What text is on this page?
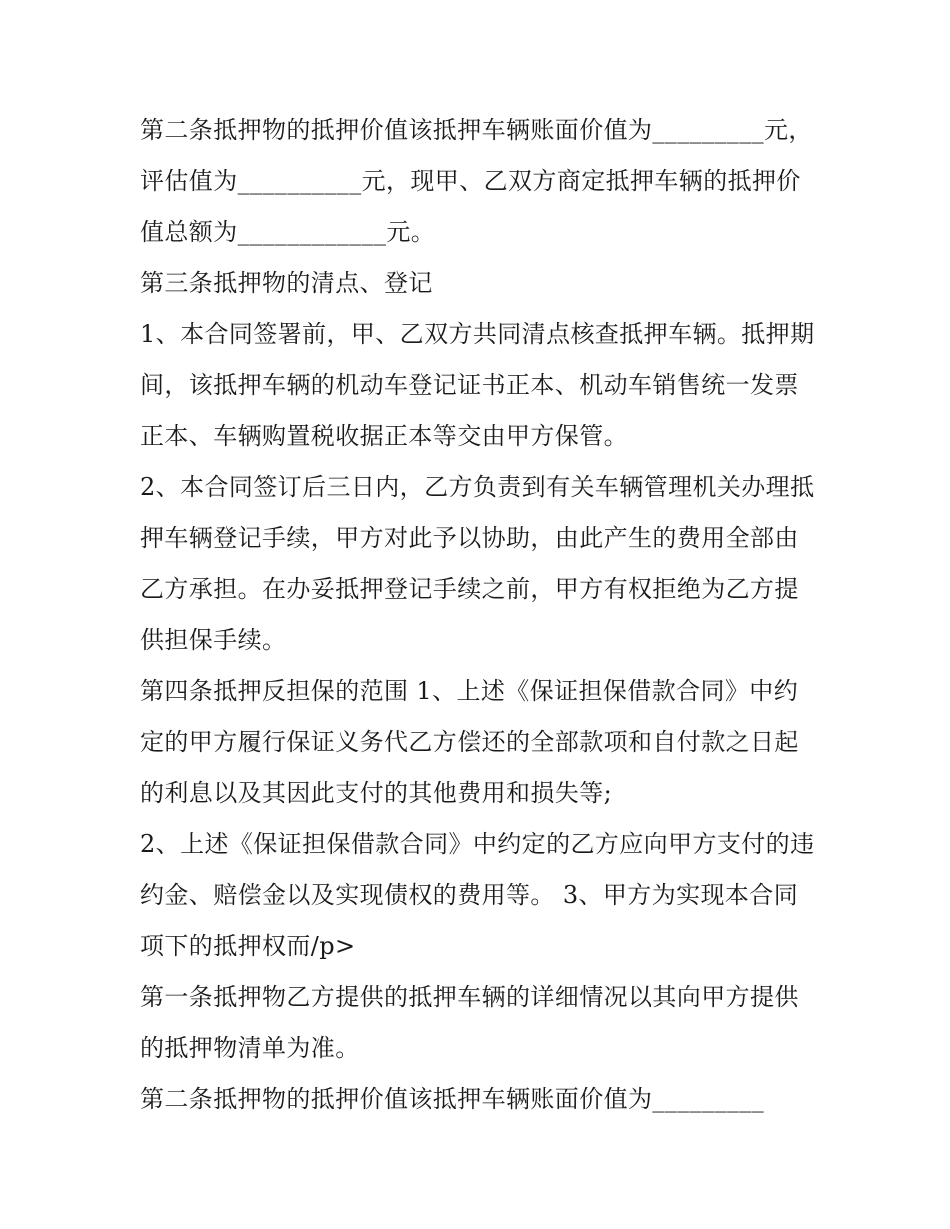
第二条抵押物的抵押价值该抵押车辆账面价值为_________元，评估值为__________元，现甲、乙双方商定抵押车辆的抵押价值总额为____________元。

第三条抵押物的清点、登记

1、本合同签署前，甲、乙双方共同清点核查抵押车辆。抵押期间，该抵押车辆的机动车登记证书正本、机动车销售统一发票正本、车辆购置税收据正本等交由甲方保管。

2、本合同签订后三日内，乙方负责到有关车辆管理机关办理抵押车辆登记手续，甲方对此予以协助，由此产生的费用全部由乙方承担。在办妥抵押登记手续之前，甲方有权拒绝为乙方提供担保手续。

第四条抵押反担保的范围 1、上述《保证担保借款合同》中约定的甲方履行保证义务代乙方偿还的全部款项和自付款之日起的利息以及其因此支付的其他费用和损失等;

2、上述《保证担保借款合同》中约定的乙方应向甲方支付的违约金、赔偿金以及实现债权的费用等。 3、甲方为实现本合同项下的抵押权而/p>

第一条抵押物乙方提供的抵押车辆的详细情况以其向甲方提供的抵押物清单为准。

第二条抵押物的抵押价值该抵押车辆账面价值为_________
